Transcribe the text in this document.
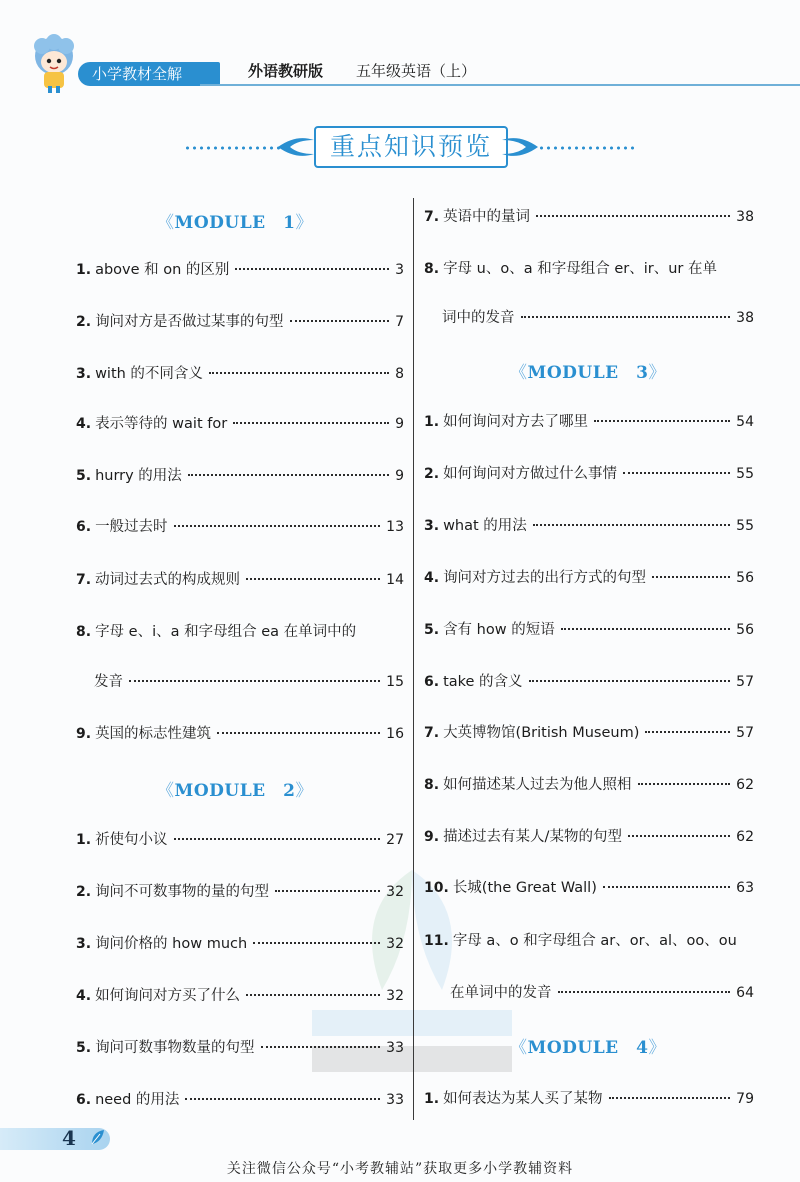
小学教材全解	外语教研版 五年级英语（上）
重点知识预览
《MODULE　1》
1. above 和 on 的区别	3
2. 询问对方是否做过某事的句型	7
3. with 的不同含义	8
4. 表示等待的 wait for	9
5. hurry 的用法	9
6. 一般过去时	13
7. 动词过去式的构成规则	14
8. 字母 e、i、a 和字母组合 ea 在单词中的
发音	15
9. 英国的标志性建筑	16
《MODULE　2》
1. 祈使句小议	27
2. 询问不可数事物的量的句型	32
3. 询问价格的 how much	32
4. 如何询问对方买了什么	32
5. 询问可数事物数量的句型	33
6. need 的用法	33
7. 英语中的量词	38
8. 字母 u、o、a 和字母组合 er、ir、ur 在单
词中的发音	38
《MODULE　3》
1. 如何询问对方去了哪里	54
2. 如何询问对方做过什么事情	55
3. what 的用法	55
4. 询问对方过去的出行方式的句型	56
5. 含有 how 的短语	56
6. take 的含义	57
7. 大英博物馆(British Museum)	57
8. 如何描述某人过去为他人照相	62
9. 描述过去有某人/某物的句型	62
10. 长城(the Great Wall)	63
11. 字母 a、o 和字母组合 ar、or、al、oo、ou
在单词中的发音	64
《MODULE　4》
1. 如何表达为某人买了某物	79
4
关注微信公众号“小考教辅站”获取更多小学教辅资料
